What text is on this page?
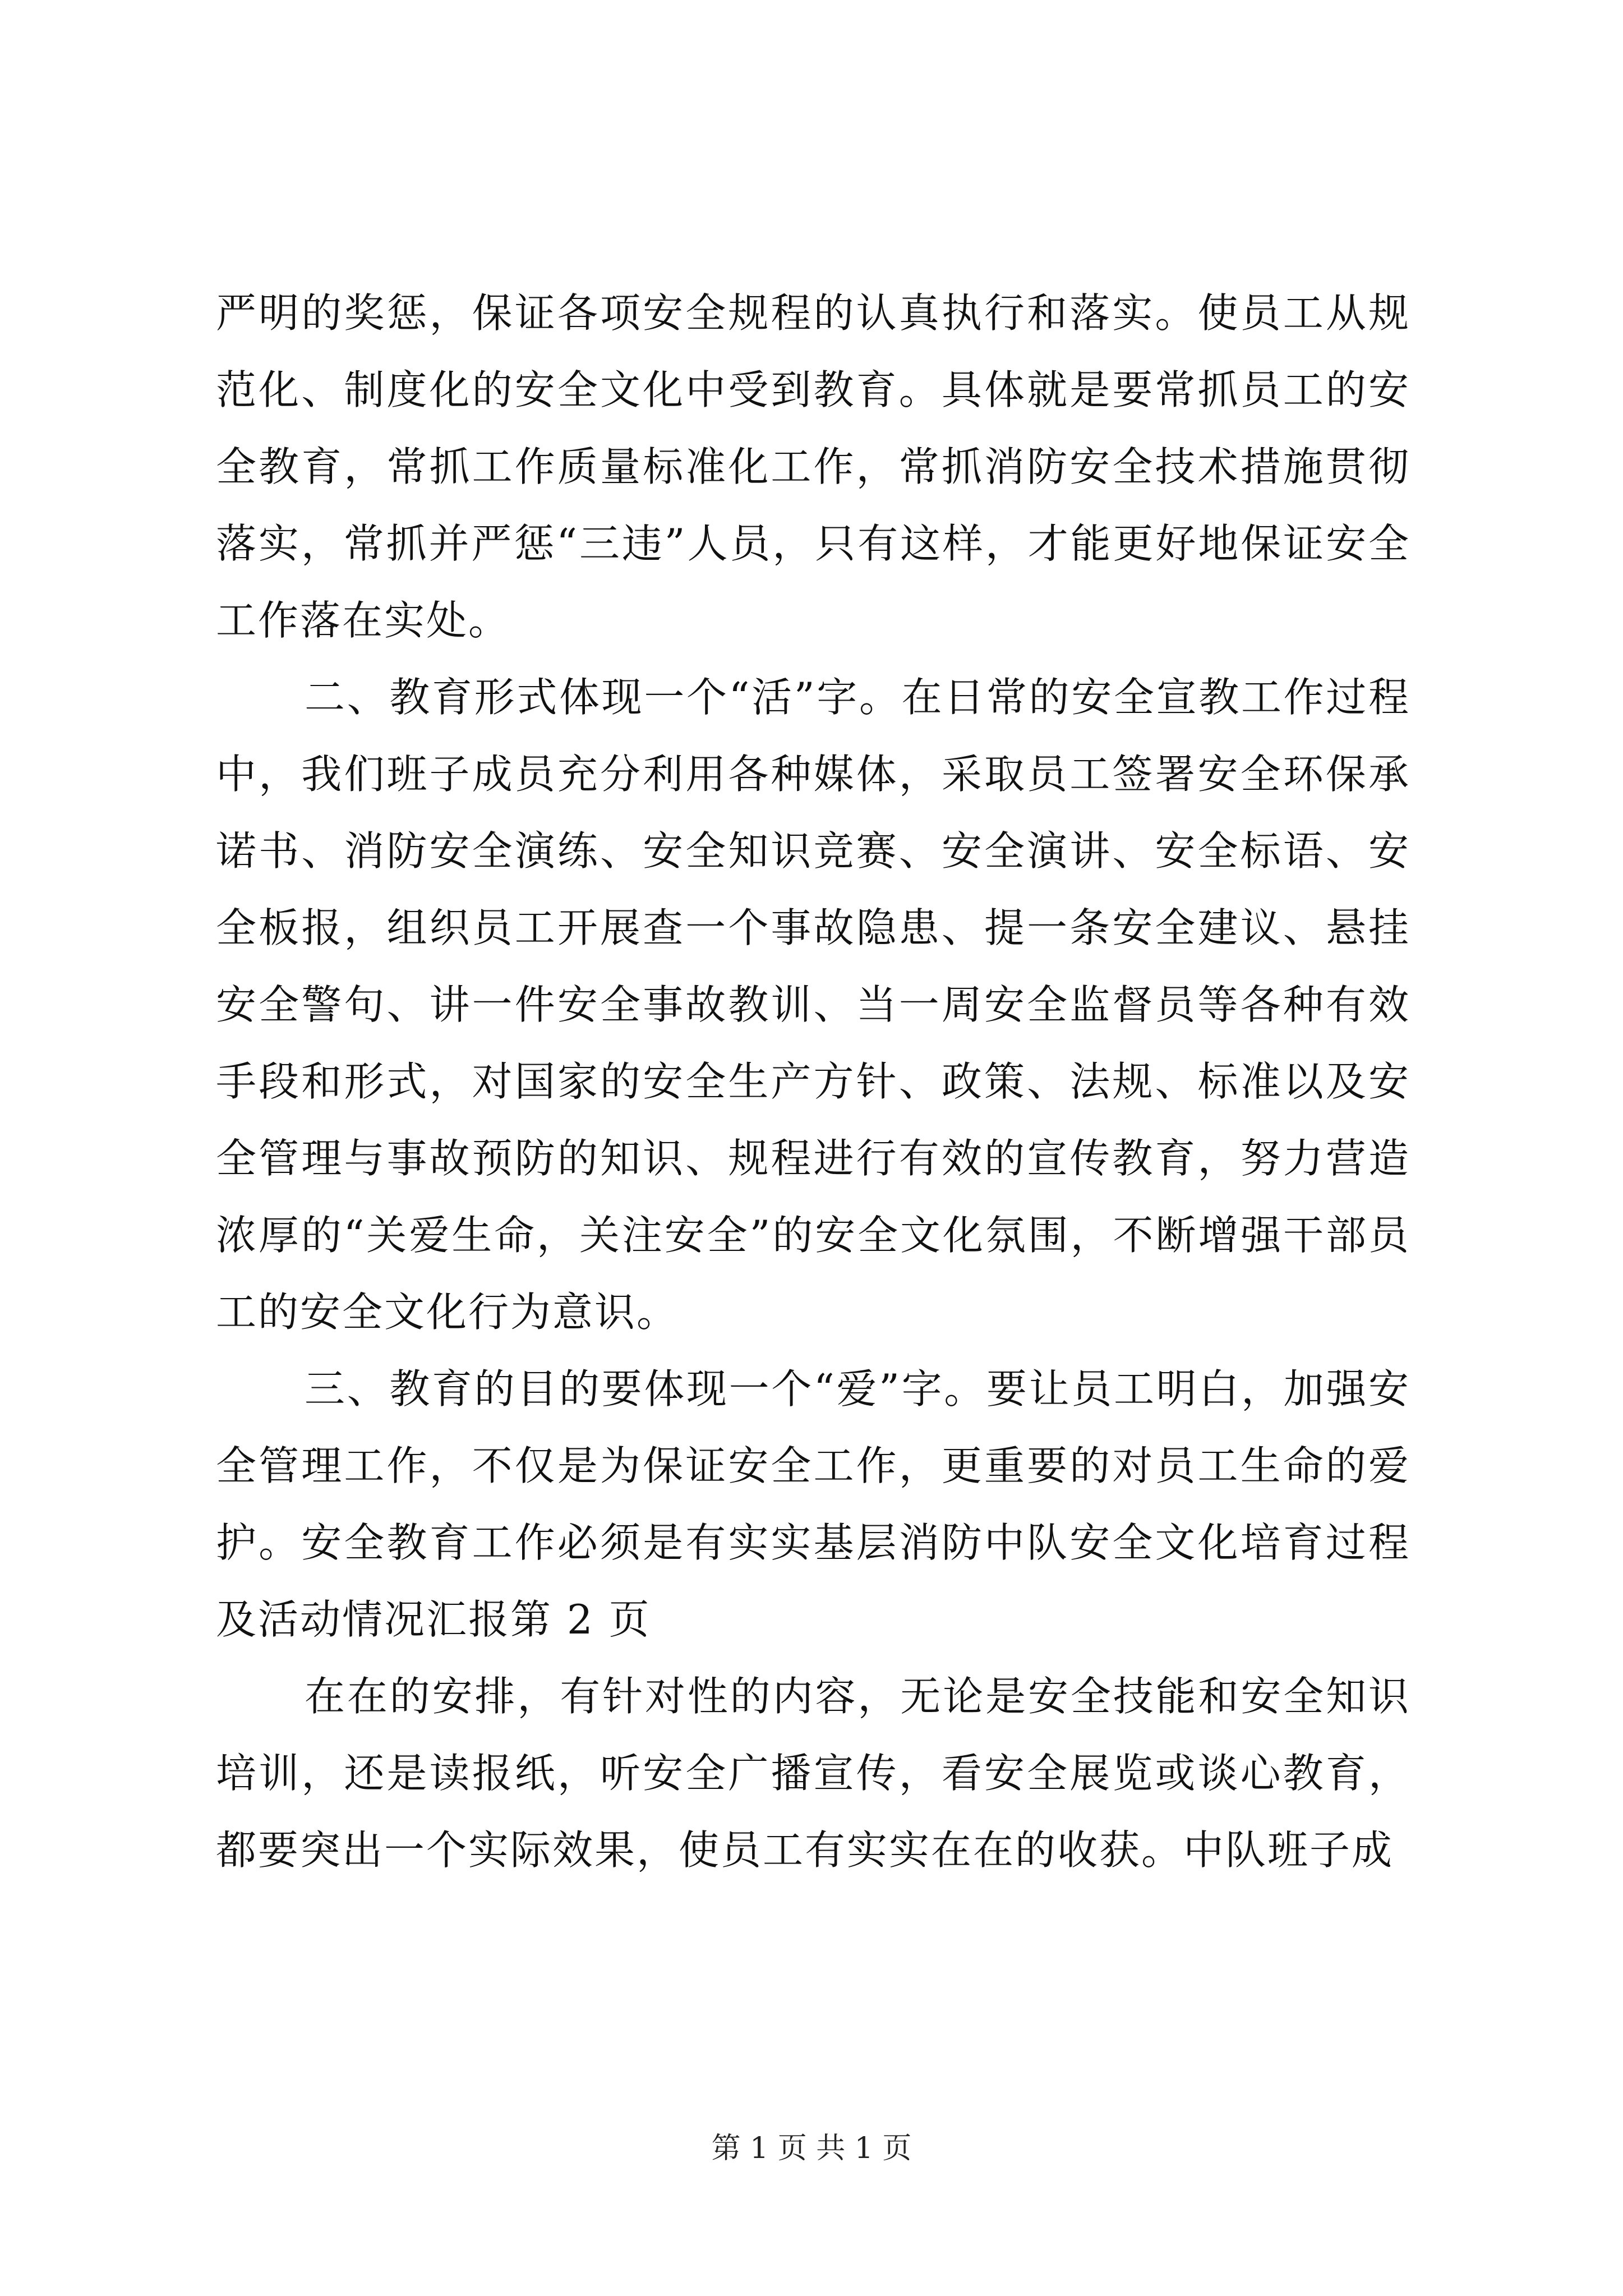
严明的奖惩，保证各项安全规程的认真执行和落实。使员工从规范化、制度化的安全文化中受到教育。具体就是要常抓员工的安全教育，常抓工作质量标准化工作，常抓消防安全技术措施贯彻落实，常抓并严惩“三违”人员，只有这样，才能更好地保证安全工作落在实处。

二、教育形式体现一个“活”字。在日常的安全宣教工作过程中，我们班子成员充分利用各种媒体，采取员工签署安全环保承诺书、消防安全演练、安全知识竞赛、安全演讲、安全标语、安全板报，组织员工开展查一个事故隐患、提一条安全建议、悬挂安全警句、讲一件安全事故教训、当一周安全监督员等各种有效手段和形式，对国家的安全生产方针、政策、法规、标准以及安全管理与事故预防的知识、规程进行有效的宣传教育，努力营造浓厚的“关爱生命，关注安全”的安全文化氛围，不断增强干部员工的安全文化行为意识。

三、教育的目的要体现一个“爱”字。要让员工明白，加强安全管理工作，不仅是为保证安全工作，更重要的对员工生命的爱护。安全教育工作必须是有实实基层消防中队安全文化培育过程及活动情况汇报第 2 页

在在的安排，有针对性的内容，无论是安全技能和安全知识培训，还是读报纸，听安全广播宣传，看安全展览或谈心教育，都要突出一个实际效果，使员工有实实在在的收获。中队班子成

第 1 页 共 1 页
